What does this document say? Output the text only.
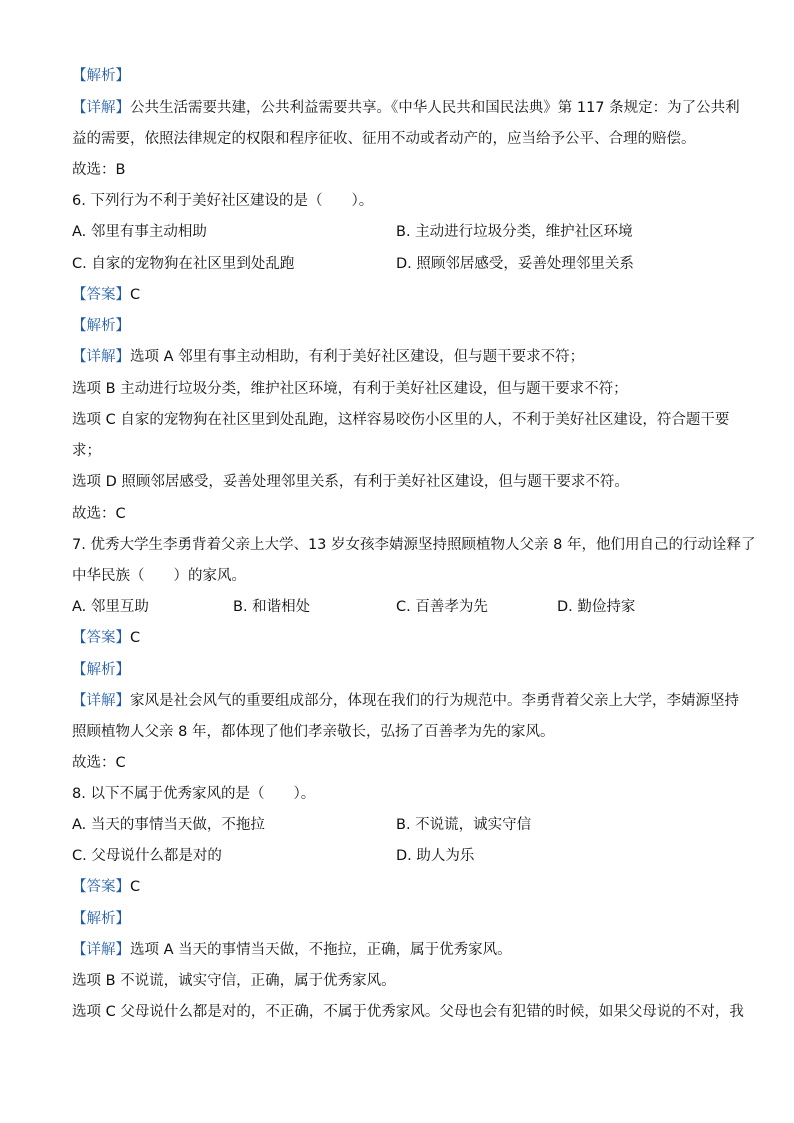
【解析】
【详解】公共生活需要共建，公共利益需要共享。《中华人民共和国民法典》第 117 条规定：为了公共利
益的需要，依照法律规定的权限和程序征收、征用不动或者动产的，应当给予公平、合理的赔偿。
故选：B
6. 下列行为不利于美好社区建设的是（　　）。
A. 邻里有事主动相助	B. 主动进行垃圾分类，维护社区环境
C. 自家的宠物狗在社区里到处乱跑	D. 照顾邻居感受，妥善处理邻里关系
【答案】C
【解析】
【详解】选项 A 邻里有事主动相助，有利于美好社区建设，但与题干要求不符；
选项 B 主动进行垃圾分类，维护社区环境，有利于美好社区建设，但与题干要求不符；
选项 C 自家的宠物狗在社区里到处乱跑，这样容易咬伤小区里的人，不利于美好社区建设，符合题干要
求；
选项 D 照顾邻居感受，妥善处理邻里关系，有利于美好社区建设，但与题干要求不符。
故选：C
7. 优秀大学生李勇背着父亲上大学、13 岁女孩李婧源坚持照顾植物人父亲 8 年，他们用自己的行动诠释了
中华民族（　　）的家风。
A. 邻里互助	B. 和谐相处	C. 百善孝为先	D. 勤俭持家
【答案】C
【解析】
【详解】家风是社会风气的重要组成部分，体现在我们的行为规范中。李勇背着父亲上大学，李婧源坚持
照顾植物人父亲 8 年，都体现了他们孝亲敬长，弘扬了百善孝为先的家风。
故选：C
8. 以下不属于优秀家风的是（　　）。
A. 当天的事情当天做，不拖拉	B. 不说谎，诚实守信
C. 父母说什么都是对的	D. 助人为乐
【答案】C
【解析】
【详解】选项 A 当天的事情当天做，不拖拉，正确，属于优秀家风。
选项 B 不说谎，诚实守信，正确，属于优秀家风。
选项 C 父母说什么都是对的，不正确，不属于优秀家风。父母也会有犯错的时候，如果父母说的不对，我
